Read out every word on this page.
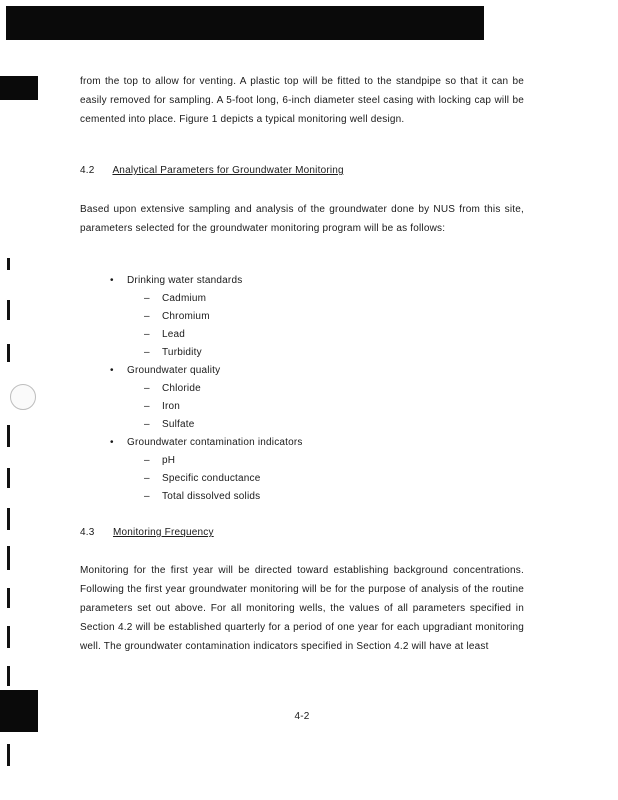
from the top to allow for venting. A plastic top will be fitted to the standpipe so that it can be easily removed for sampling. A 5-foot long, 6-inch diameter steel casing with locking cap will be cemented into place. Figure 1 depicts a typical monitoring well design.

4.2 Analytical Parameters for Groundwater Monitoring

Based upon extensive sampling and analysis of the groundwater done by NUS from this site, parameters selected for the groundwater monitoring program will be as follows:

• Drinking water standards
– Cadmium
– Chromium
– Lead
– Turbidity
• Groundwater quality
– Chloride
– Iron
– Sulfate
• Groundwater contamination indicators
– pH
– Specific conductance
– Total dissolved solids
4.3 Monitoring Frequency

Monitoring for the first year will be directed toward establishing background concentrations. Following the first year groundwater monitoring will be for the purpose of analysis of the routine parameters set out above. For all monitoring wells, the values of all parameters specified in Section 4.2 will be established quarterly for a period of one year for each upgradiant monitoring well. The groundwater contamination indicators specified in Section 4.2 will have at least

4-2
